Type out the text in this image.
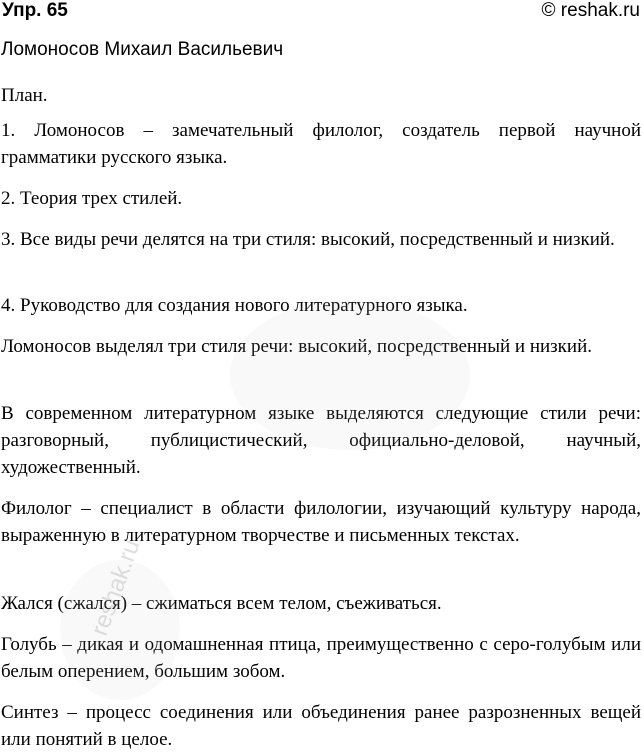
Упр. 65	© reshak.ru
Ломоносов Михаил Васильевич

План.

1. Ломоносов – замечательный филолог, создатель первой научной грамматики русского языка.

2. Теория трех стилей.

3. Все виды речи делятся на три стиля: высокий, посредственный и низкий.

4. Руководство для создания нового литературного языка.

Ломоносов выделял три стиля речи: высокий, посредственный и низкий.

В современном литературном языке выделяются следующие стили речи: разговорный, публицистический, официально-деловой, научный, художественный.

Филолог – специалист в области филологии, изучающий культуру народа, выраженную в литературном творчестве и письменных текстах.

Жался (сжался) – сжиматься всем телом, съеживаться.

Голубь – дикая и одомашненная птица, преимущественно с серо-голубым или белым оперением, большим зобом.

Синтез – процесс соединения или объединения ранее разрозненных вещей или понятий в целое.

reshak.ru
